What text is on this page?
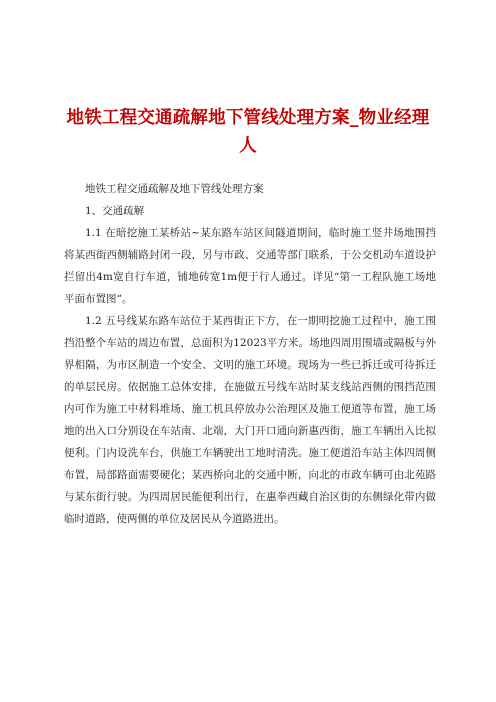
地铁工程交通疏解地下管线处理方案_物业经理人

地铁工程交通疏解及地下管线处理方案

1、交通疏解

1.1 在暗挖施工某桥站~某东路车站区间隧道期间，临时施工竖井场地围挡将某西街西侧辅路封闭一段，另与市政、交通等部门联系，于公交机动车道设护拦留出4m宽自行车道，铺地砖宽1m便于行人通过。详见“第一工程队施工场地平面布置图“。

1.2 五号线某东路车站位于某西街正下方，在一期明挖施工过程中，施工围挡沿整个车站的周边布置，总面积为12023平方米。场地四周用围墙或隔板与外界相隔，为市区制造一个安全、文明的施工环境。现场为一些已拆迁或可待拆迁的单层民房。依据施工总体安排，在施做五号线车站时某支线站西侧的围挡范围内可作为施工中材料堆场、施工机具停放办公治理区及施工便道等布置，施工场地的出入口分别设在车站南、北端，大门开口通向新惠西街，施工车辆出入比拟便利。门内设洗车台，供施工车辆驶出工地时清洗。施工便道沿车站主体四周侧布置，局部路面需要硬化；某西桥向北的交通中断，向北的市政车辆可由北苑路与某东街行驶。为四周居民能便利出行，在惠拳西藏自治区街的东侧绿化带内做临时道路，使两侧的单位及居民从今道路进出。
